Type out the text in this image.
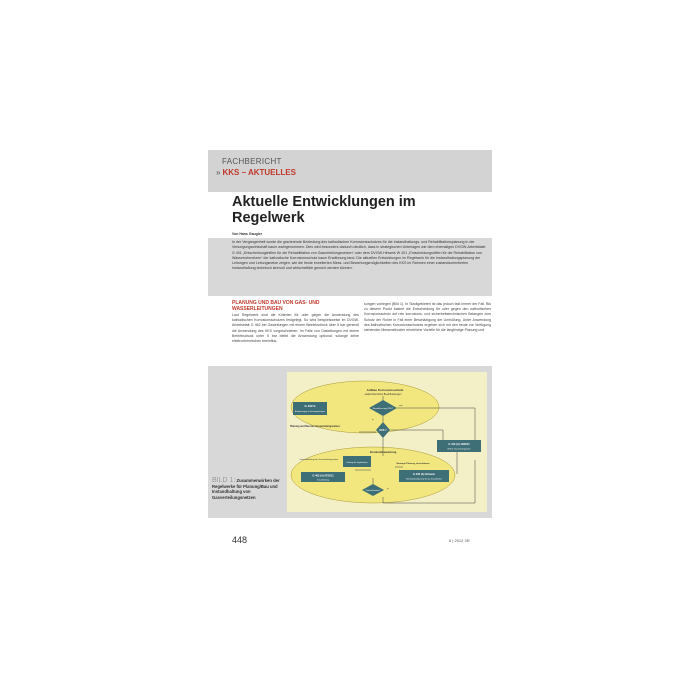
FACHBERICHT
» KKS – AKTUELLES
Aktuelle Entwicklungen im Regelwerk
Von Hans Gaugler
In der Vergangenheit wurde die gravierende Bedeutung des kathodischen Korrosionsschutzes für die Instandhaltungs- und Rehabilitationsplanung in der Versorgungswirtschaft kaum wahrgenommen. Dies wird besonders dadurch deutlich, dass in strategischen Unterlagen wie dem ehemaligen DVGW-Arbeitsblatt G 401 „Entscheidungshilfen für die Rehabilitation von Gasverteilungsnetzen“ oder dem DVGW-Hinweis W 401 „Entscheidungshilfen für die Rehabilitation von Wasserrohrnetzen“ der kathodische Korrosionsschutz kaum Erwähnung fand. Die aktuellen Entwicklungen im Regelwerk für die Instandhaltungsplanung der Leitungen und Leitungsnetze zeigen, wie die heute erweiterten Mess- und Bewertungsmöglichkeiten des KKS im Rahmen einer zustandsorientierten Instandhaltung technisch sinnvoll und wirtschaftlich genutzt werden können.
PLANUNG UND BAU VON GAS- UND WASSERLEITUNGEN
Laut Regelwerk sind die Kriterien für oder gegen die Anwendung des kathodischen Korrosionsschutzes festgelegt. So wird beispielsweise im DVGW-Arbeitsblatt G 462 bei Gasleitungen mit einem Betriebsdruck über 5 bar generell die Anwendung des KKS vorgeschrieben. Im Falle von Gasleitungen mit einem Betriebsdruck unter 5 bar bleibt die Anwendung optional, solange keine elektrochemischen beeinflus-
sungen vorliegen (Bild 1). In Stadtgebieten ist das jedoch fast immer der Fall. Bis zu diesem Punkt basiert die Entscheidung für oder gegen den kathodischen Korrosionsschutz auf rein korrosions- und sicherheitstechnischen Belangen zum Schutz der Rohre in Fall einer Beschädigung der Umhüllung. Unter Anwendung des kathodischen Korrosionsschutzes ergeben sich mit den heute zur Verfügung stehenden Messmethoden erhebliche Vorteile für die langfristige Planung und
BILD 1: Zusammenwirken der Regelwerke für Planung/Bau und Instandhaltung von Gasverteilungsnetzen
Aufbau Korrosionsschutz
elektrochemische Beeinflussungen
Beeinflussung KKS?
G 462 E
Anforderungen an Druckregelanlagen
Planung und Bau des Gasverteilungsnetzes
KKS ?
ja
nein
Zustandsbewertung
Instandhaltung der Gasverteilungsnetze
Umfang der Inspektionen
G 412 (A) 10/2011
KKS für Gasverteilungsnetze
Strategie Planung, Investitionen
G 402 (A) 07/2011
Instandhaltung
G 402 (A) Hinweis
Netzdatenbankkonzept für das Instandhalten
Zustand bekannt?
ja
448	6 | 2012 3R
